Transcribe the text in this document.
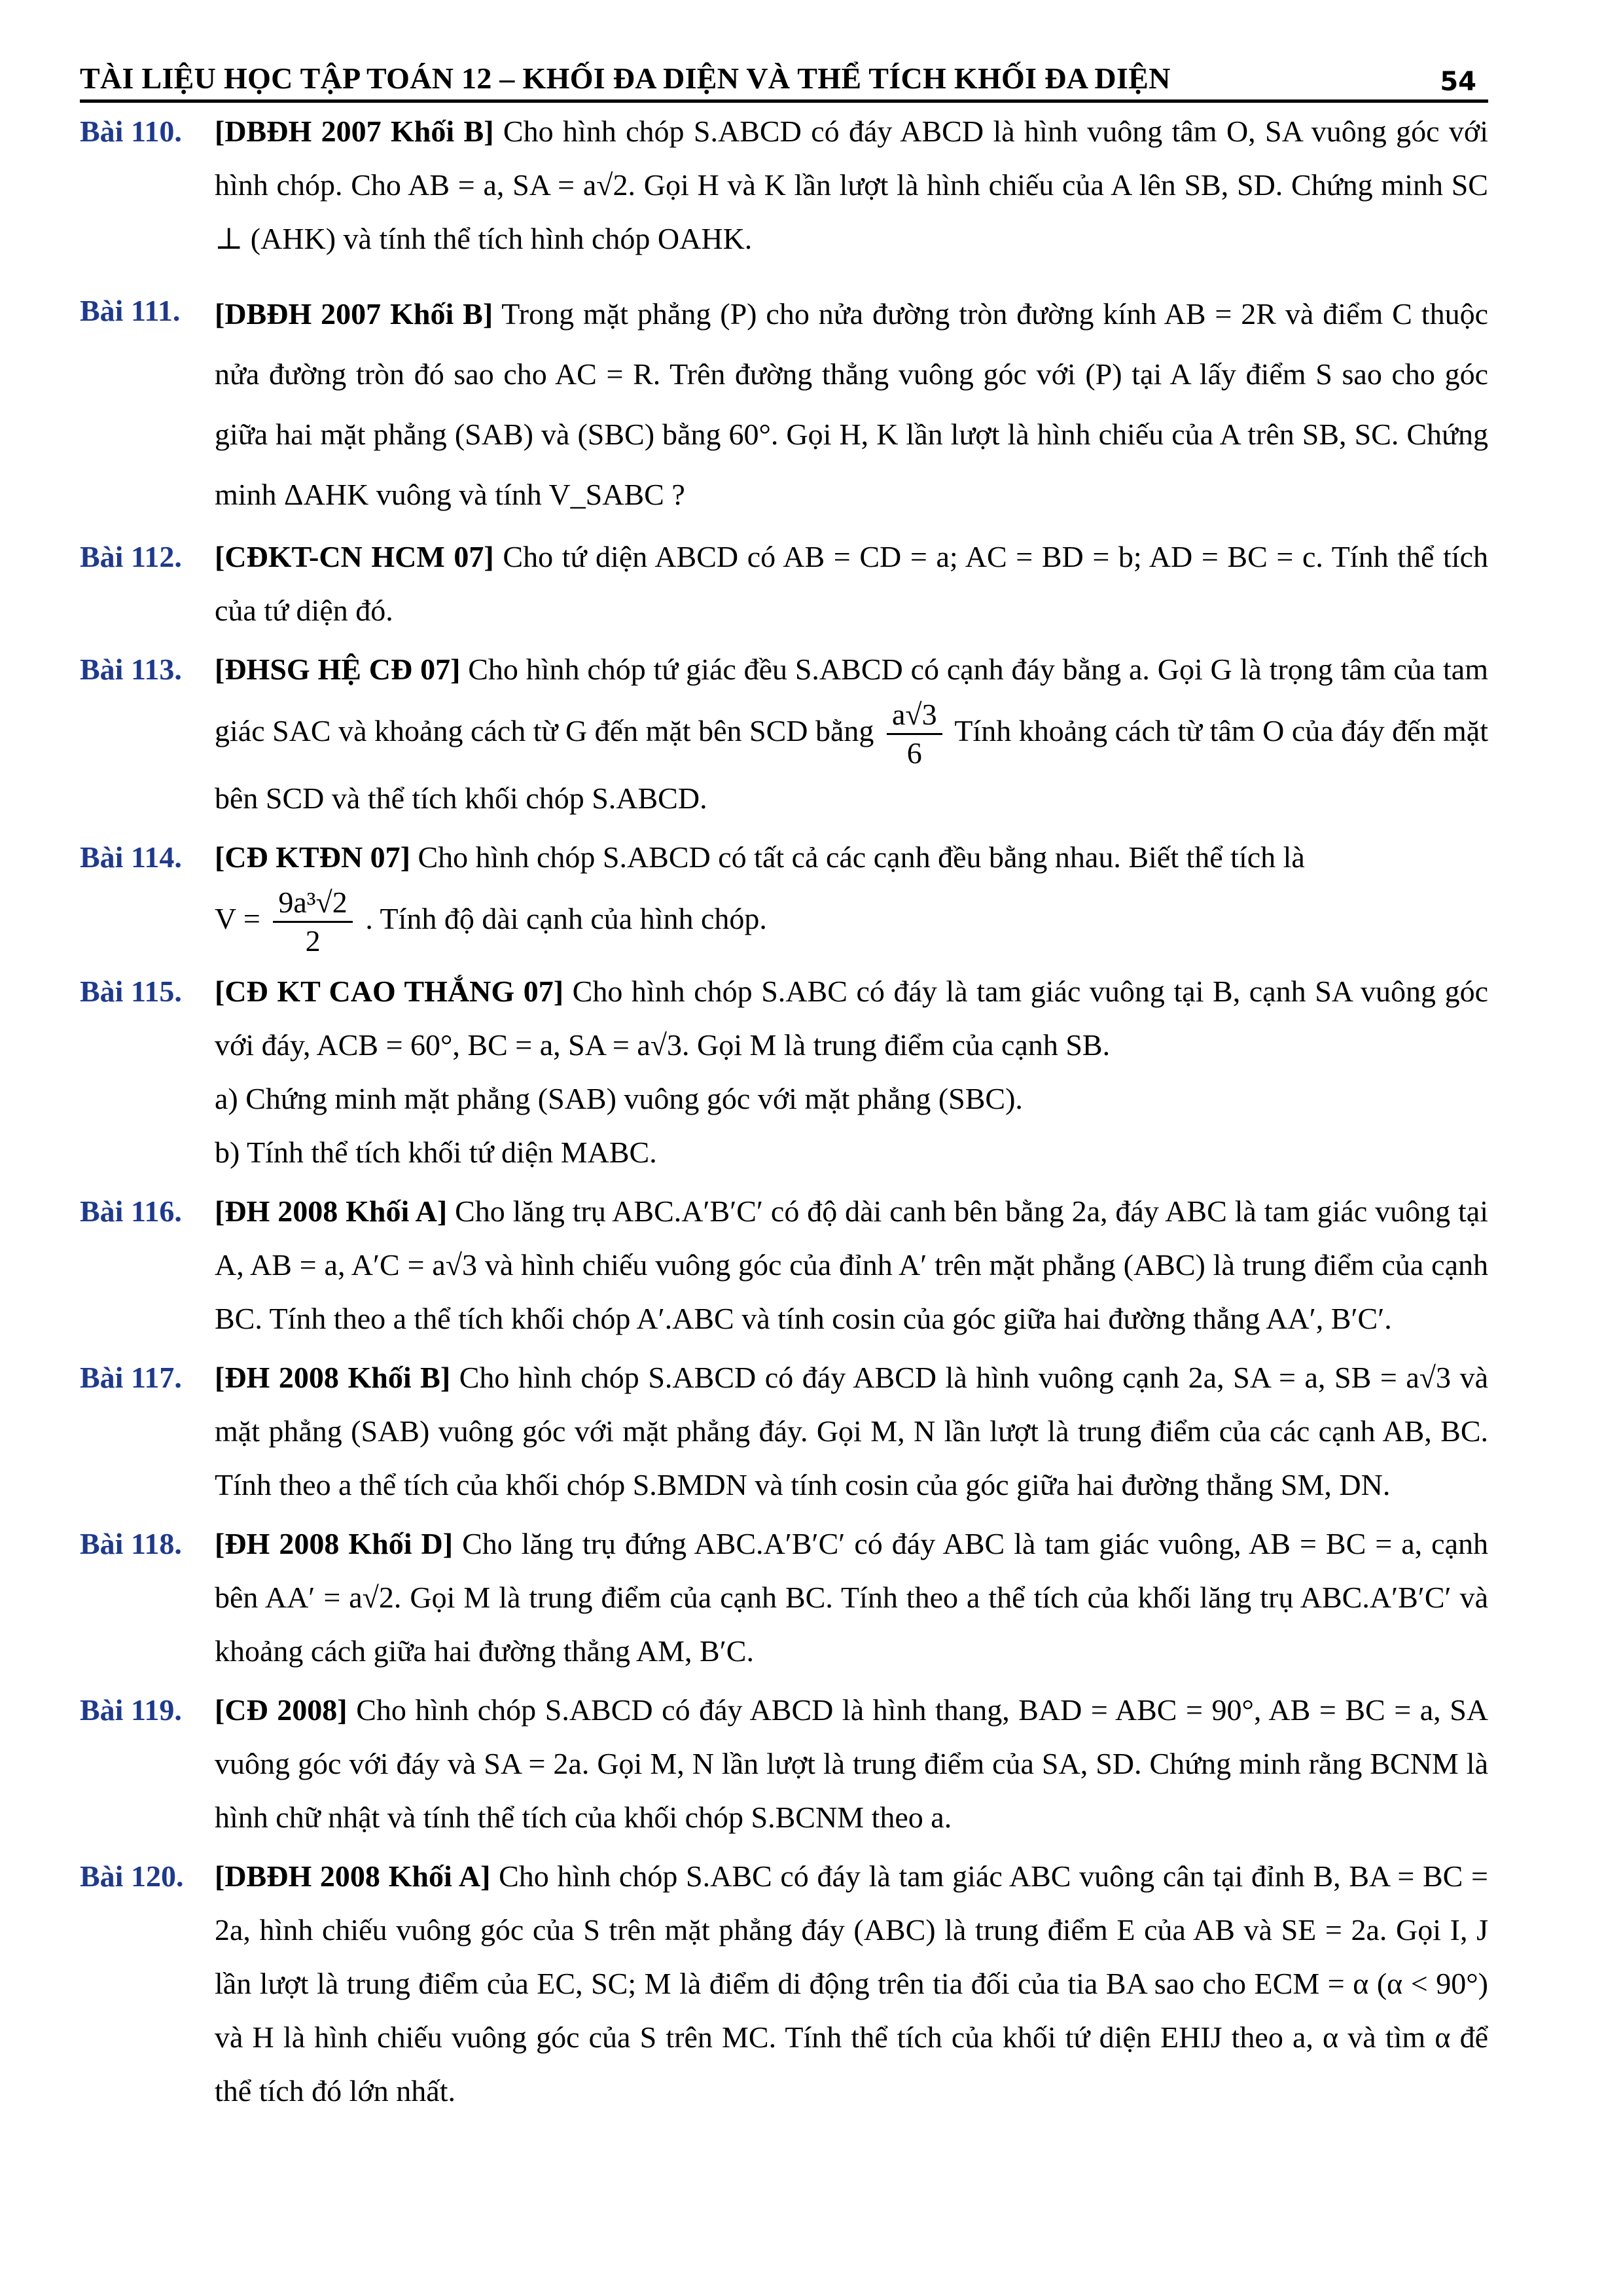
TÀI LIỆU HỌC TẬP TOÁN 12 – KHỐI ĐA DIỆN VÀ THỂ TÍCH KHỐI ĐA DIỆN	54
Bài 110. [DBĐH 2007 Khối B] Cho hình chóp S.ABCD có đáy ABCD là hình vuông tâm O, SA vuông góc với hình chóp. Cho AB = a, SA = a√2. Gọi H và K lần lượt là hình chiếu của A lên SB, SD. Chứng minh SC ⊥ (AHK) và tính thể tích hình chóp OAHK.
Bài 111. [DBĐH 2007 Khối B] Trong mặt phẳng (P) cho nửa đường tròn đường kính AB = 2R và điểm C thuộc nửa đường tròn đó sao cho AC = R. Trên đường thẳng vuông góc với (P) tại A lấy điểm S sao cho góc giữa hai mặt phẳng (SAB) và (SBC) bằng 60°. Gọi H, K lần lượt là hình chiếu của A trên SB, SC. Chứng minh ΔAHK vuông và tính V_SABC ?
Bài 112. [CĐKT-CN HCM 07] Cho tứ diện ABCD có AB = CD = a; AC = BD = b; AD = BC = c. Tính thể tích của tứ diện đó.
Bài 113. [ĐHSG HỆ CĐ 07] Cho hình chóp tứ giác đều S.ABCD có cạnh đáy bằng a. Gọi G là trọng tâm của tam giác SAC và khoảng cách từ G đến mặt bên SCD bằng $\frac{a√3}{6}$ Tính khoảng cách từ tâm O của đáy đến mặt bên SCD và thể tích khối chóp S.ABCD.
Bài 114. [CĐ KTĐN 07] Cho hình chóp S.ABCD có tất cả các cạnh đều bằng nhau. Biết thể tích là
$V = \frac{\text{9a³√2}}{2}$ . Tính độ dài cạnh của hình chóp.
Bài 115. [CĐ KT CAO THẮNG 07] Cho hình chóp S.ABC có đáy là tam giác vuông tại B, cạnh SA vuông góc với đáy, ACB = 60°, BC = a, SA = a√3. Gọi M là trung điểm của cạnh SB.
a) Chứng minh mặt phẳng (SAB) vuông góc với mặt phẳng (SBC).
b) Tính thể tích khối tứ diện MABC.
Bài 116. [ĐH 2008 Khối A] Cho lăng trụ ABC.A′B′C′ có độ dài canh bên bằng 2a, đáy ABC là tam giác vuông tại A, AB = a, A′C = a√3 và hình chiếu vuông góc của đỉnh A′ trên mặt phẳng (ABC) là trung điểm của cạnh BC. Tính theo a thể tích khối chóp A′.ABC và tính cosin của góc giữa hai đường thẳng AA′, B′C′.
Bài 117. [ĐH 2008 Khối B] Cho hình chóp S.ABCD có đáy ABCD là hình vuông cạnh 2a, SA = a, SB = a√3 và mặt phẳng (SAB) vuông góc với mặt phẳng đáy. Gọi M, N lần lượt là trung điểm của các cạnh AB, BC. Tính theo a thể tích của khối chóp S.BMDN và tính cosin của góc giữa hai đường thẳng SM, DN.
Bài 118. [ĐH 2008 Khối D] Cho lăng trụ đứng ABC.A′B′C′ có đáy ABC là tam giác vuông, AB = BC = a, cạnh bên AA′ = a√2. Gọi M là trung điểm của cạnh BC. Tính theo a thể tích của khối lăng trụ ABC.A′B′C′ và khoảng cách giữa hai đường thẳng AM, B′C.
Bài 119. [CĐ 2008] Cho hình chóp S.ABCD có đáy ABCD là hình thang, BAD = ABC = 90°, AB = BC = a, SA vuông góc với đáy và SA = 2a. Gọi M, N lần lượt là trung điểm của SA, SD. Chứng minh rằng BCNM là hình chữ nhật và tính thể tích của khối chóp S.BCNM theo a.
Bài 120. [DBĐH 2008 Khối A] Cho hình chóp S.ABC có đáy là tam giác ABC vuông cân tại đỉnh B, BA = BC = 2a, hình chiếu vuông góc của S trên mặt phẳng đáy (ABC) là trung điểm E của AB và SE = 2a. Gọi I, J lần lượt là trung điểm của EC, SC; M là điểm di động trên tia đối của tia BA sao cho ECM = α (α < 90°) và H là hình chiếu vuông góc của S trên MC. Tính thể tích của khối tứ diện EHIJ theo a, α và tìm α để thể tích đó lớn nhất.
